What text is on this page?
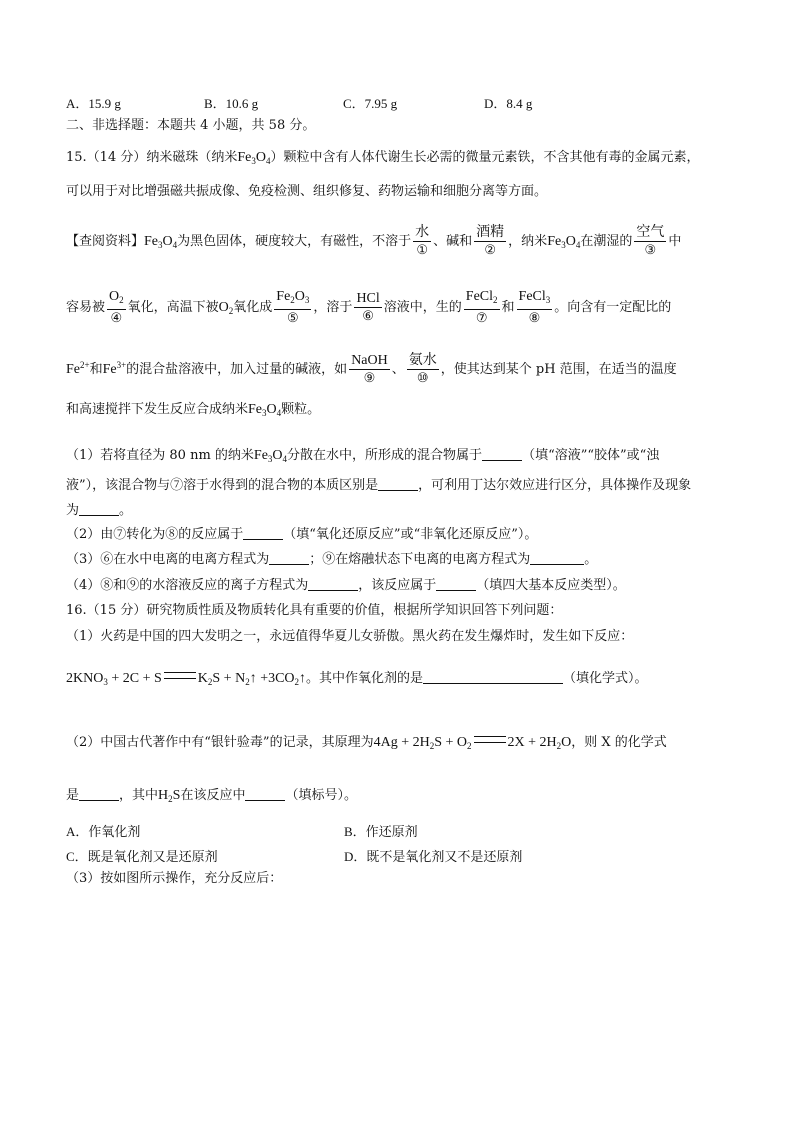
A．15.9 g	B．10.6 g	C．7.95 g	D．8.4 g
二、非选择题：本题共 4 小题，共 58 分。
15.（14 分）纳米磁珠（纳米$Fe_3O_4$）颗粒中含有人体代谢生长必需的微量元素铁，不含其他有毒的金属元素，
可以用于对比增强磁共振成像、免疫检测、组织修复、药物运输和细胞分离等方面。
【查阅资料】$Fe_3O_4$为黑色固体，硬度较大，有磁性，不溶于 $\frac{\text{水}}{\text{①}}$ 、碱和 $\frac{\text{酒精}}{\text{②}}$ ，纳米$Fe_3O_4$在潮湿的 $\frac{\text{空气}}{\text{③}}$ 中
容易被 $\frac{O_2}{\text{④}}$ 氧化，高温下被$O_2$氧化成 $\frac{Fe_2O_3}{\text{⑤}}$ ，溶于 $\frac{\text{HCl}}{\text{⑥}}$ 溶液中，生的 $\frac{FeCl_2}{\text{⑦}}$ 和 $\frac{FeCl_3}{\text{⑧}}$ 。向含有一定配比的
$Fe^{2+}$和$Fe^{3+}$的混合盐溶液中，加入过量的碱液，如 $\frac{\text{NaOH}}{\text{⑨}}$ 、 $\frac{\text{氨水}}{\text{⑩}}$ ，使其达到某个 pH 范围，在适当的温度
和高速搅拌下发生反应合成纳米$Fe_3O_4$颗粒。
（1）若将直径为 80 nm 的纳米$Fe_3O_4$分散在水中，所形成的混合物属于	（填“溶液”“胶体”或“浊
液”），该混合物与⑦溶于水得到的混合物的本质区别是	，可利用丁达尔效应进行区分，具体操作及现象
为	。
（2）由⑦转化为⑧的反应属于	（填“氧化还原反应”或“非氧化还原反应”）。
（3）⑥在水中电离的电离方程式为	；⑨在熔融状态下电离的电离方程式为	。
（4）⑧和⑨的水溶液反应的离子方程式为	，该反应属于	（填四大基本反应类型）。
16.（15 分）研究物质性质及物质转化具有重要的价值，根据所学知识回答下列问题：
（1）火药是中国的四大发明之一，永远值得华夏儿女骄傲。黑火药在发生爆炸时，发生如下反应：
$2KNO_3 + 2C + S$	$K_2S$ + $N_2↑$ $+3CO_2↑$。其中作氧化剂的是	（填化学式）。
（2）中国古代著作中有“银针验毒”的记录，其原理为$4Ag + 2H_2S + O_2$	$2X + 2H_2O$，则 X 的化学式
是	，其中$H_2S$在该反应中	（填标号）。
A．作氧化剂	B．作还原剂
C．既是氧化剂又是还原剂	D．既不是氧化剂又不是还原剂
（3）按如图所示操作，充分反应后：
